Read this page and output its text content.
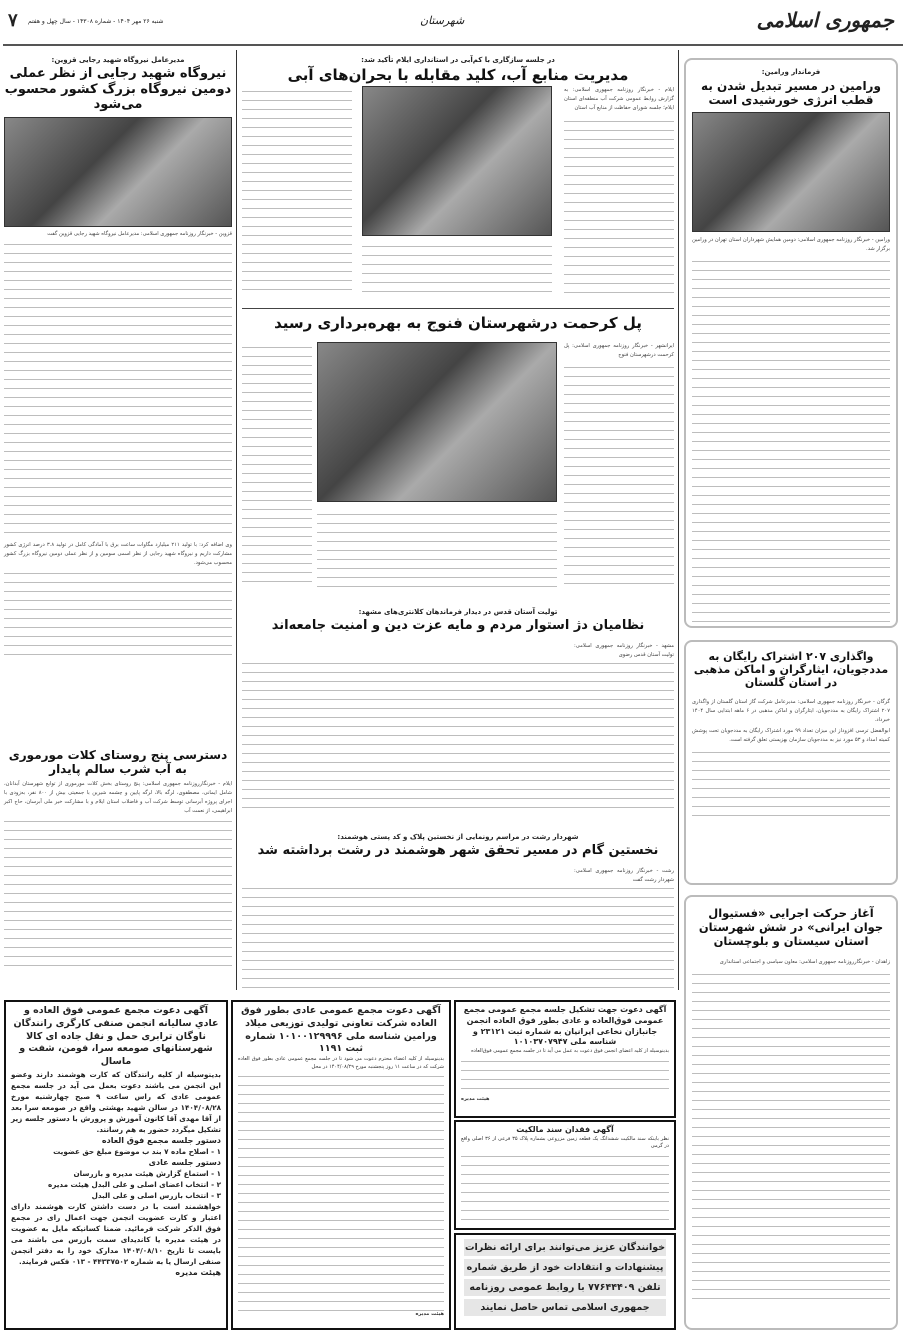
جمهوری اسلامی
شهرستان
شنبه ۲۶ مهر ۱۴۰۴ - شماره ۱۴۳۰۸ - سال چهل و هفتم
۷
فرماندار ورامین:
ورامین در مسیر تبدیل شدن به قطب انرژی خورشیدی است
ورامین - خبرنگار روزنامه جمهوری اسلامی: دومین همایش شهرداران استان تهران در ورامین برگزار شد.
واگذاری ۲۰۷ اشتراک رایگان به مددجویان، ایثارگران و اماکن مذهبی در استان گلستان
گرگان - خبرنگار روزنامه جمهوری اسلامی: مدیرعامل شرکت گاز استان گلستان از واگذاری ۲۰۷ اشتراک رایگان به مددجویان، ایثارگران و اماکن مذهبی در ۶ ماهه ابتدایی سال ۱۴۰۴ خبرداد.
ابوالفضل ترسی افزوداز این میزان تعداد ۹۹ مورد اشتراک رایگان به مددجویان تحت پوشش کمیته امداد و ۵۳ مورد نیز به مددجویان سازمان بهزیستی تعلق گرفته است.
آغاز حرکت اجرایی «فستیوال جوان ایرانی» در شش شهرستان استان سیستان و بلوچستان
زاهدان - خبرنگارروزنامه جمهوری اسلامی: معاون سیاسی و اجتماعی استانداری
در جلسه سازگاری با کم‌آبی در استانداری ایلام تأکید شد:
مدیریت منابع آب، کلید مقابله با بحران‌های آبی
ایلام - خبرنگار روزنامه جمهوری اسلامی: به گزارش روابط عمومی شرکت آب منطقه‌ای استان ایلام؛ جلسه شورای حفاظت از منابع آب استان
پل کرحمت درشهرستان فنوج به بهره‌برداری رسید
ایرانشهر - خبرنگار روزنامه جمهوری اسلامی: پل کرحمت درشهرستان فنوج
تولیت آستان قدس در دیدار فرماندهان کلانتری‌های مشهد:
نظامیان دژ استوار مردم و مایه عزت دین و امنیت جامعه‌اند
مشهد - خبرنگار روزنامه جمهوری اسلامی: تولیت آستان قدس رضوی
شهردار رشت در مراسم رونمایی از نخستین پلاک و کد پستی هوشمند:
نخستین گام در مسیر تحقق شهر هوشمند در رشت برداشته شد
رشت - خبرنگار روزنامه جمهوری اسلامی: شهردار رشت گفت
مدیرعامل نیروگاه شهید رجایی قزوین:
نیروگاه شهید رجایی از نظر عملی دومین نیروگاه بزرگ کشور محسوب می‌شود
قزوین - خبرنگار روزنامه جمهوری اسلامی: مدیرعامل نیروگاه شهید رجایی قزوین گفت
وی اضافه کرد: با تولید ۲۱۱ میلیارد مگاوات ساعت برق با آمادگی کامل در تولید ۳.۸ درصد انرژی کشور مشارکت داریم و نیروگاه شهید رجایی از نظر اسمی سومین و از نظر عملی دومین نیروگاه بزرگ کشور محسوب می‌شود.
دسترسی پنج روستای کلات مورموری به آب شرب سالم پایدار
ایلام - خبرنگارروزنامه جمهوری اسلامی: پنج روستای بخش کلات مورموری از توابع شهرستان آبدانان، شامل ایمانی، مصطفوی، لرگه بالا، لرگه پایین و چشمه شیرین با جمعیتی بیش از ۸۰۰ نفر، به‌زودی با اجرای پروژه آبرسانی توسط شرکت آب و فاضلاب استان ایلام و با مشارکت خیر ملی آبرسان، حاج اکبر ابراهیمی، از نعمت آب
آگهی دعوت مجمع عمومی فوق العاده و عادي ساليانه انجمن صنفی کارگری رانندگان ناوگان ترابری حمل و نقل جاده ای کالا شهرستانهای صومعه سرا، فومن، شفت و ماسال
بدینوسیله از کلیه رانندگان که کارت هوشمند دارند وعضو این انجمن می باشند دعوت بعمل می آید در جلسه مجمع عمومی عادی که راس ساعت ۹ صبح چهارشنبه مورخ ۱۴۰۴/۰۸/۲۸ در سالن شهید بهشتی واقع در صومعه سرا بعد از آقا مهدی آقا کانون آموزش و پرورش با دستور جلسه زیر تشکیل میگردد حضور به هم رسانند.
دستور جلسه مجمع فوق العاده
۱ - اصلاح ماده ۷ بند ب موضوع مبلغ حق عضویت
دستور جلسه عادی
۱ - استماع گزارش هیئت مدیره و بازرسان
۲ - انتخاب اعضای اصلی و علی البدل هیئت مدیره
۳ - انتخاب بازرس اصلی و علی البدل
خواهشمند است با در دست داشتن کارت هوشمند دارای اعتبار و کارت عضویت انجمن جهت اعمال رای در مجمع فوق الذکر شرکت فرمائید. ضمنا کسانیکه مایل به عضویت در هیئت مدیره یا کاندیدای سمت بازرس می باشند می بایست تا تاریخ ۱۴۰۴/۰۸/۱۰ مدارک خود را به دفتر انجمن صنفی ارسال یا به شماره ۴۴۳۳۷۵۰۲ - ۰۱۳ فکس فرمایند.
هیئت مدیره
آگهی دعوت مجمع عمومی عادی بطور فوق العاده شرکت تعاونی تولیدی توزیعی میلاد ورامین شناسه ملی ۱۰۱۰۰۱۲۹۹۹۶ شماره ثبت ۱۱۹۱
بدینوسیله از کلیه اعضاء محترم دعوت می شود تا در جلسه مجمع عمومی عادی بطور فوق العاده شرکت که در ساعت ۱۱ روز پنجشنبه مورخ ۱۴۰۴/۰۸/۲۹ در محل
هیئت مدیره
آگهی دعوت جهت تشکیل جلسه مجمع عمومی مجمع عمومی فوق‌العاده و عادی بطور فوق العاده انجمن جانبازان نخاعی ایرانیان به شماره ثبت ۲۳۱۲۱ و شناسه ملی ۱۰۱۰۳۷۰۷۹۴۷
بدینوسیله از کلیه اعضای انجمن فوق دعوت به عمل می آید تا در جلسه مجمع عمومی فوق‌العاده
هیئت مدیره
آگهی فقدان سند مالکیت
نظر باینکه سند مالکیت ششدانگ یک قطعه زمین مزروعی بشماره پلاک ۳۵ فرعی از ۳۶ اصلی واقع در گرمی
خوانندگان عزیز می‌توانند برای ارائه نظرات
پیشنهادات و انتقادات خود از طریق شماره
تلفن ۷۷۶۴۴۴۰۹ با روابط عمومی روزنامه
جمهوری اسلامی تماس حاصل نمایند
